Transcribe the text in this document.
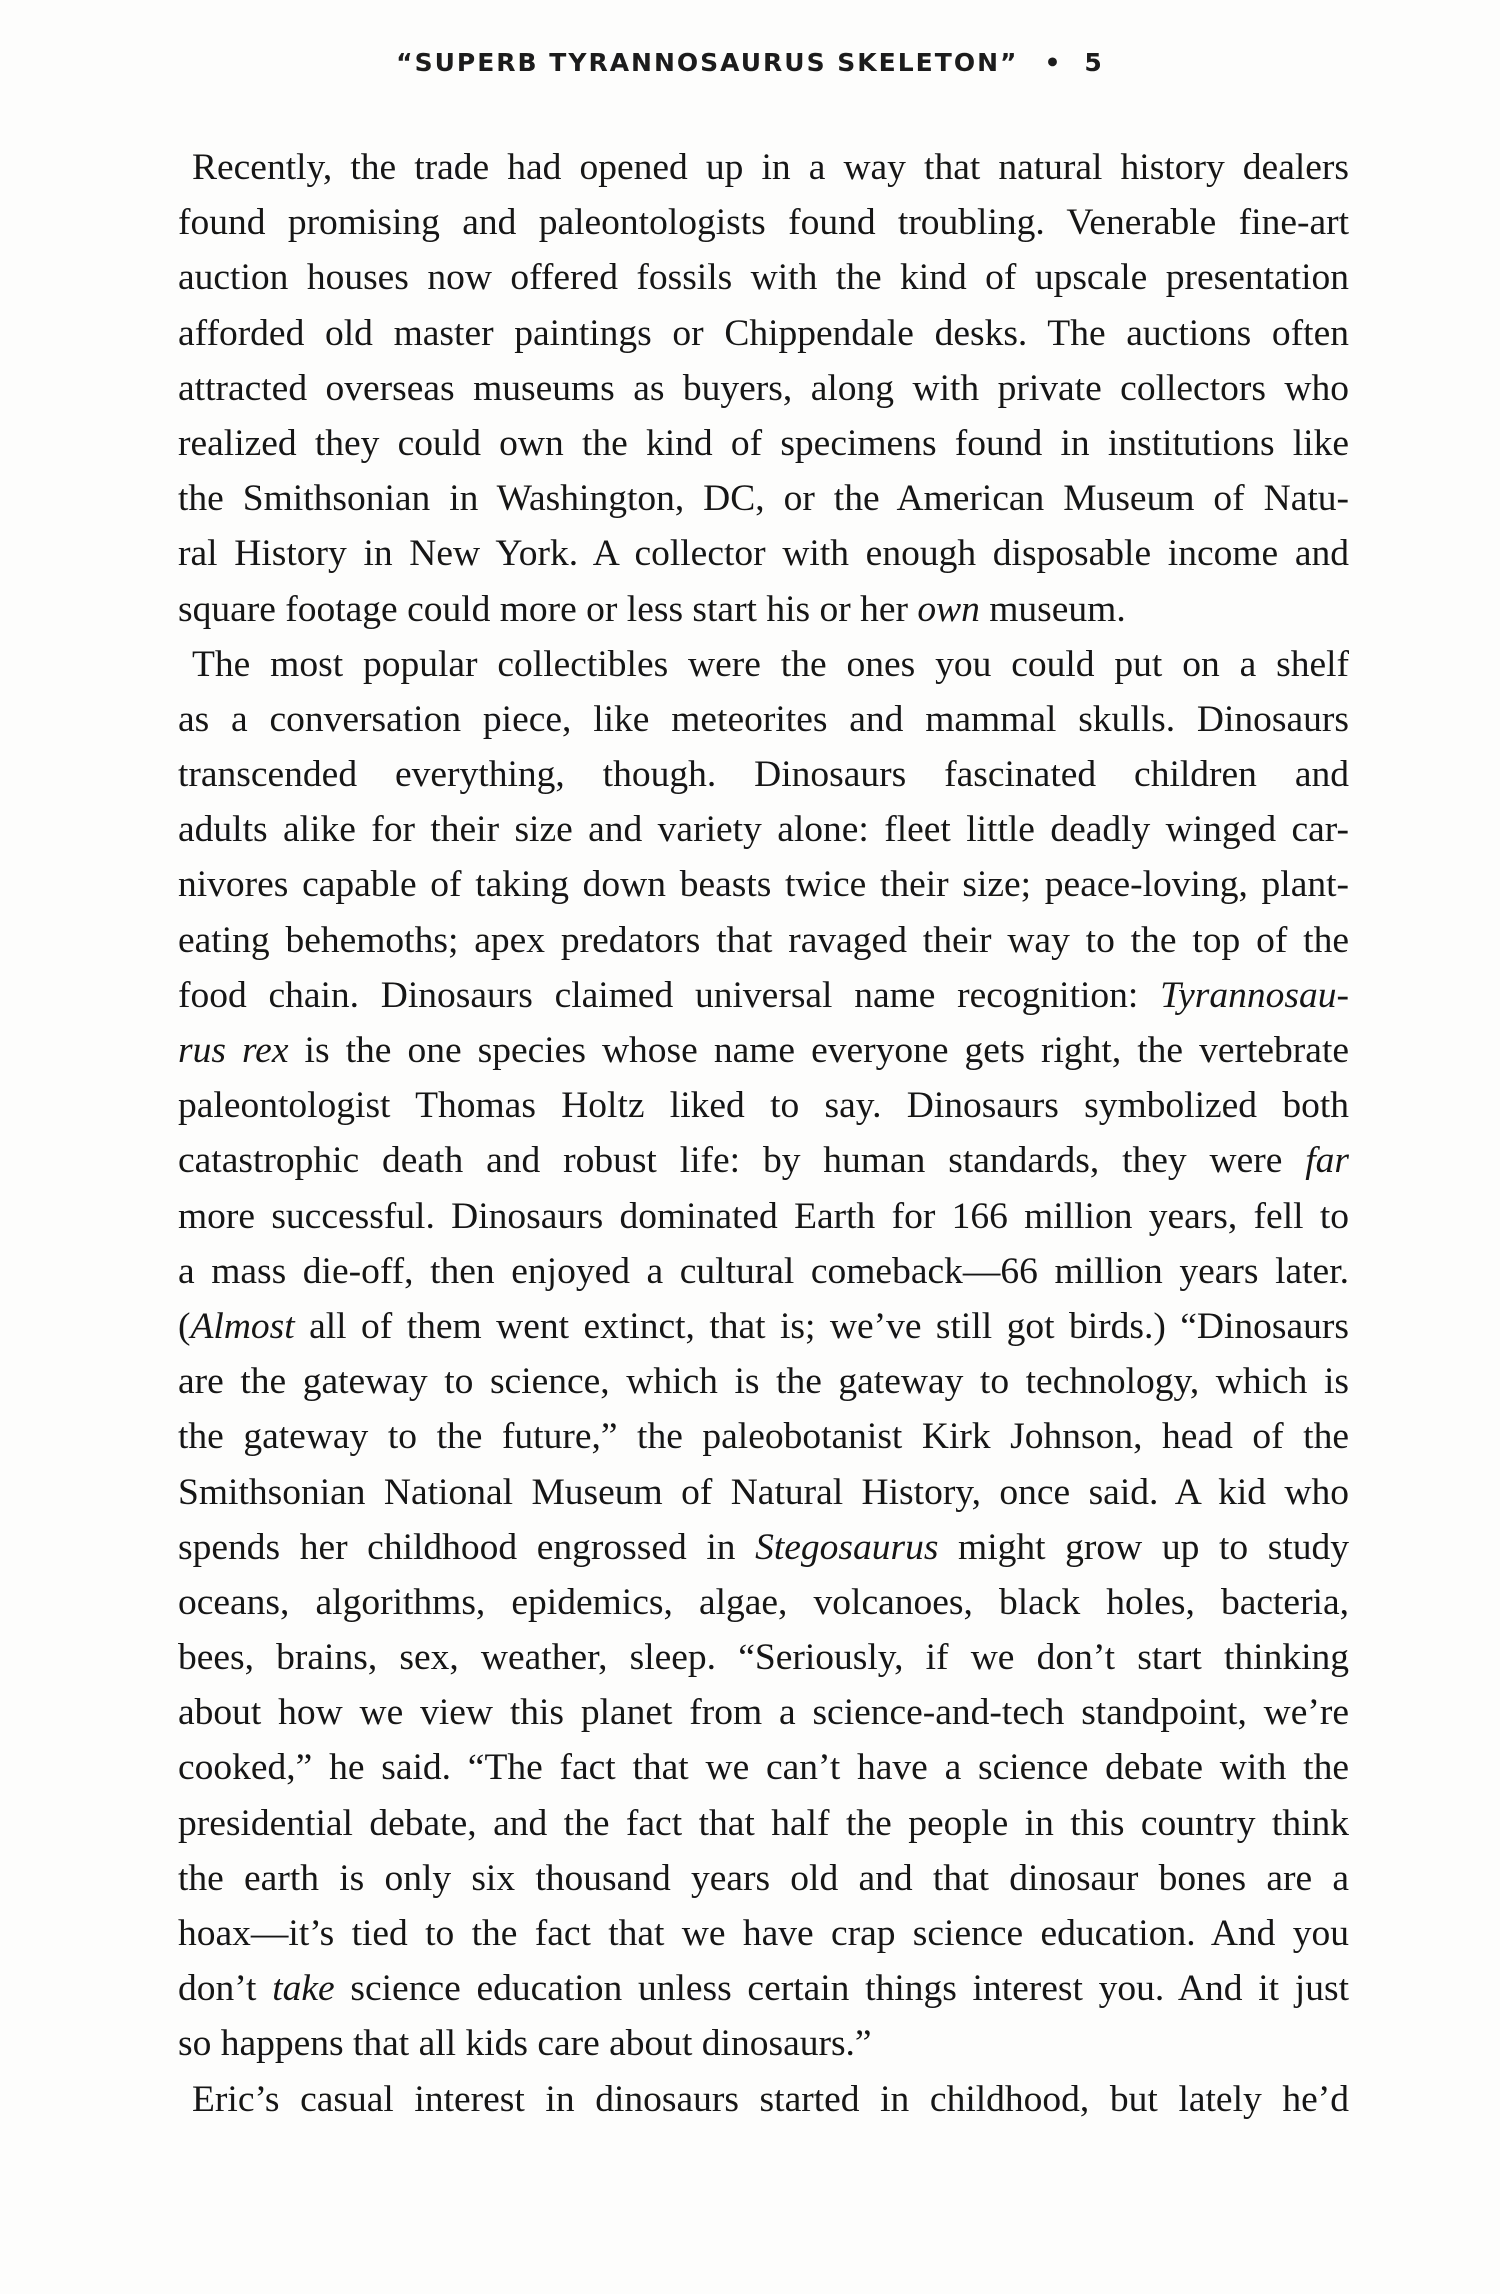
“SUPERB TYRANNOSAURUS SKELETON” • 5

Recently, the trade had opened up in a way that natural history dealers
found promising and paleontologists found troubling. Venerable fine-art
auction houses now offered fossils with the kind of upscale presentation
afforded old master paintings or Chippendale desks. The auctions often
attracted overseas museums as buyers, along with private collectors who
realized they could own the kind of specimens found in institutions like
the Smithsonian in Washington, DC, or the American Museum of Natu-
ral History in New York. A collector with enough disposable income and
square footage could more or less start his or her own museum.

The most popular collectibles were the ones you could put on a shelf
as a conversation piece, like meteorites and mammal skulls. Dinosaurs
transcended everything, though. Dinosaurs fascinated children and
adults alike for their size and variety alone: fleet little deadly winged car-
nivores capable of taking down beasts twice their size; peace-loving, plant-
eating behemoths; apex predators that ravaged their way to the top of the
food chain. Dinosaurs claimed universal name recognition: Tyrannosau-
rus rex is the one species whose name everyone gets right, the vertebrate
paleontologist Thomas Holtz liked to say. Dinosaurs symbolized both
catastrophic death and robust life: by human standards, they were far
more successful. Dinosaurs dominated Earth for 166 million years, fell to
a mass die-off, then enjoyed a cultural comeback—66 million years later.
(Almost all of them went extinct, that is; we’ve still got birds.) “Dinosaurs
are the gateway to science, which is the gateway to technology, which is
the gateway to the future,” the paleobotanist Kirk Johnson, head of the
Smithsonian National Museum of Natural History, once said. A kid who
spends her childhood engrossed in Stegosaurus might grow up to study
oceans, algorithms, epidemics, algae, volcanoes, black holes, bacteria,
bees, brains, sex, weather, sleep. “Seriously, if we don’t start thinking
about how we view this planet from a science-and-tech standpoint, we’re
cooked,” he said. “The fact that we can’t have a science debate with the
presidential debate, and the fact that half the people in this country think
the earth is only six thousand years old and that dinosaur bones are a
hoax—it’s tied to the fact that we have crap science education. And you
don’t take science education unless certain things interest you. And it just
so happens that all kids care about dinosaurs.”

Eric’s casual interest in dinosaurs started in childhood, but lately he’d
